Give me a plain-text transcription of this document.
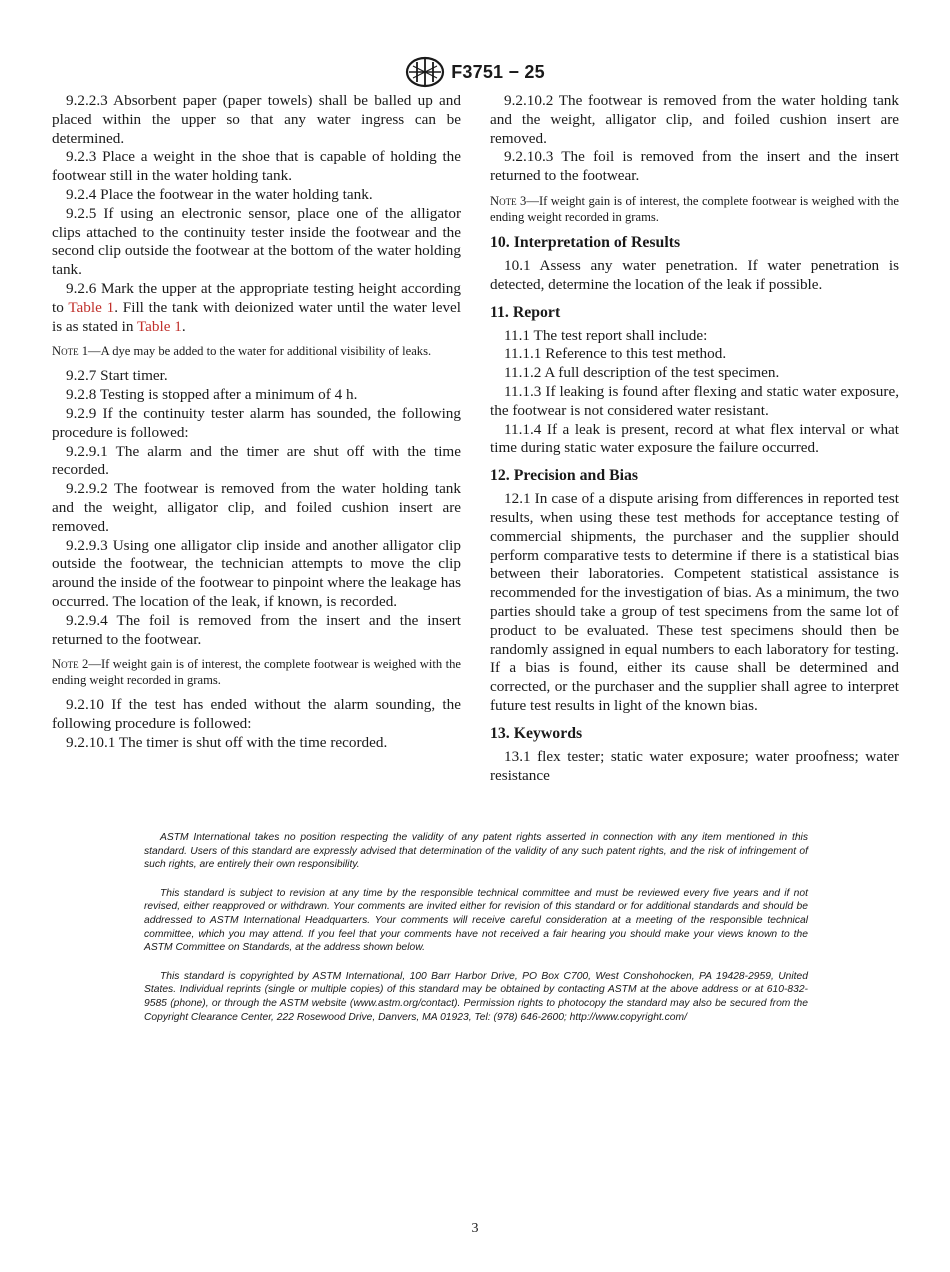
F3751 − 25

9.2.2.3 Absorbent paper (paper towels) shall be balled up and placed within the upper so that any water ingress can be determined.

9.2.3 Place a weight in the shoe that is capable of holding the footwear still in the water holding tank.

9.2.4 Place the footwear in the water holding tank.

9.2.5 If using an electronic sensor, place one of the alligator clips attached to the continuity tester inside the footwear and the second clip outside the footwear at the bottom of the water holding tank.

9.2.6 Mark the upper at the appropriate testing height according to Table 1. Fill the tank with deionized water until the water level is as stated in Table 1.

Note 1—A dye may be added to the water for additional visibility of leaks.

9.2.7 Start timer.

9.2.8 Testing is stopped after a minimum of 4 h.

9.2.9 If the continuity tester alarm has sounded, the following procedure is followed:

9.2.9.1 The alarm and the timer are shut off with the time recorded.

9.2.9.2 The footwear is removed from the water holding tank and the weight, alligator clip, and foiled cushion insert are removed.

9.2.9.3 Using one alligator clip inside and another alligator clip outside the footwear, the technician attempts to move the clip around the inside of the footwear to pinpoint where the leakage has occurred. The location of the leak, if known, is recorded.

9.2.9.4 The foil is removed from the insert and the insert returned to the footwear.

Note 2—If weight gain is of interest, the complete footwear is weighed with the ending weight recorded in grams.

9.2.10 If the test has ended without the alarm sounding, the following procedure is followed:

9.2.10.1 The timer is shut off with the time recorded.

9.2.10.2 The footwear is removed from the water holding tank and the weight, alligator clip, and foiled cushion insert are removed.

9.2.10.3 The foil is removed from the insert and the insert returned to the footwear.

Note 3—If weight gain is of interest, the complete footwear is weighed with the ending weight recorded in grams.

10. Interpretation of Results

10.1 Assess any water penetration. If water penetration is detected, determine the location of the leak if possible.

11. Report

11.1 The test report shall include:

11.1.1 Reference to this test method.

11.1.2 A full description of the test specimen.

11.1.3 If leaking is found after flexing and static water exposure, the footwear is not considered water resistant.

11.1.4 If a leak is present, record at what flex interval or what time during static water exposure the failure occurred.

12. Precision and Bias

12.1 In case of a dispute arising from differences in reported test results, when using these test methods for acceptance testing of commercial shipments, the purchaser and the supplier should perform comparative tests to determine if there is a statistical bias between their laboratories. Competent statistical assistance is recommended for the investigation of bias. As a minimum, the two parties should take a group of test specimens from the same lot of product to be evaluated. These test specimens should then be randomly assigned in equal numbers to each laboratory for testing. If a bias is found, either its cause shall be determined and corrected, or the purchaser and the supplier shall agree to interpret future test results in light of the known bias.

13. Keywords

13.1 flex tester; static water exposure; water proofness; water resistance

ASTM International takes no position respecting the validity of any patent rights asserted in connection with any item mentioned in this standard. Users of this standard are expressly advised that determination of the validity of any such patent rights, and the risk of infringement of such rights, are entirely their own responsibility.

This standard is subject to revision at any time by the responsible technical committee and must be reviewed every five years and if not revised, either reapproved or withdrawn. Your comments are invited either for revision of this standard or for additional standards and should be addressed to ASTM International Headquarters. Your comments will receive careful consideration at a meeting of the responsible technical committee, which you may attend. If you feel that your comments have not received a fair hearing you should make your views known to the ASTM Committee on Standards, at the address shown below.

This standard is copyrighted by ASTM International, 100 Barr Harbor Drive, PO Box C700, West Conshohocken, PA 19428-2959, United States. Individual reprints (single or multiple copies) of this standard may be obtained by contacting ASTM at the above address or at 610-832-9585 (phone), or through the ASTM website (www.astm.org/contact). Permission rights to photocopy the standard may also be secured from the Copyright Clearance Center, 222 Rosewood Drive, Danvers, MA 01923, Tel: (978) 646-2600; http://www.copyright.com/

3
